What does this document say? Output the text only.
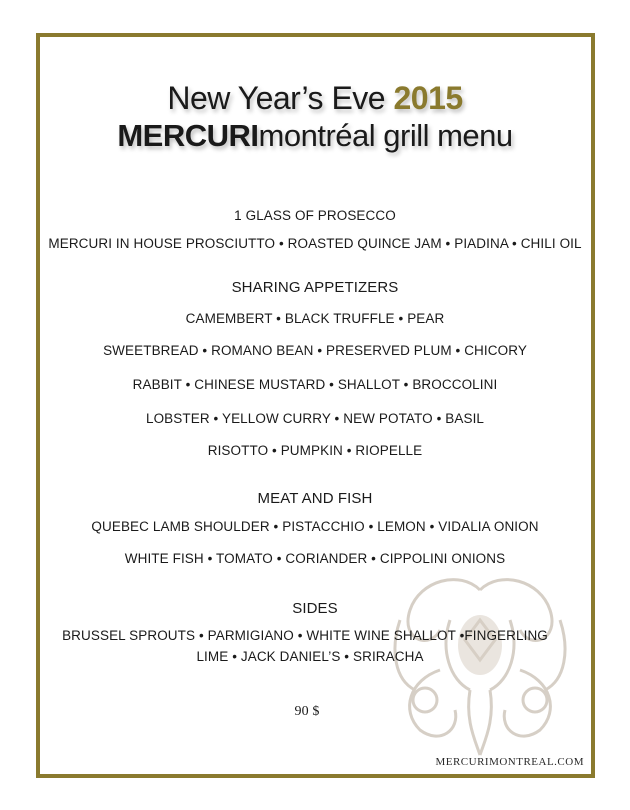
New Year’s Eve 2015
MERCURImontréal grill menu
1 GLASS OF PROSECCO
MERCURI IN HOUSE PROSCIUTTO • ROASTED QUINCE JAM • PIADINA • CHILI OIL
SHARING APPETIZERS
CAMEMBERT • BLACK TRUFFLE • PEAR
SWEETBREAD • ROMANO BEAN • PRESERVED PLUM • CHICORY
RABBIT • CHINESE MUSTARD • SHALLOT • BROCCOLINI
LOBSTER • YELLOW CURRY • NEW POTATO • BASIL
RISOTTO • PUMPKIN • RIOPELLE
MEAT AND FISH
QUEBEC LAMB SHOULDER • PISTACCHIO • LEMON • VIDALIA ONION
WHITE FISH • TOMATO • CORIANDER • CIPPOLINI ONIONS
SIDES
BRUSSEL SPROUTS • PARMIGIANO • WHITE WINE SHALLOT •FINGERLING
LIME • JACK DANIEL’S • SRIRACHA
90 $
MERCURIMONTREAL.COM
